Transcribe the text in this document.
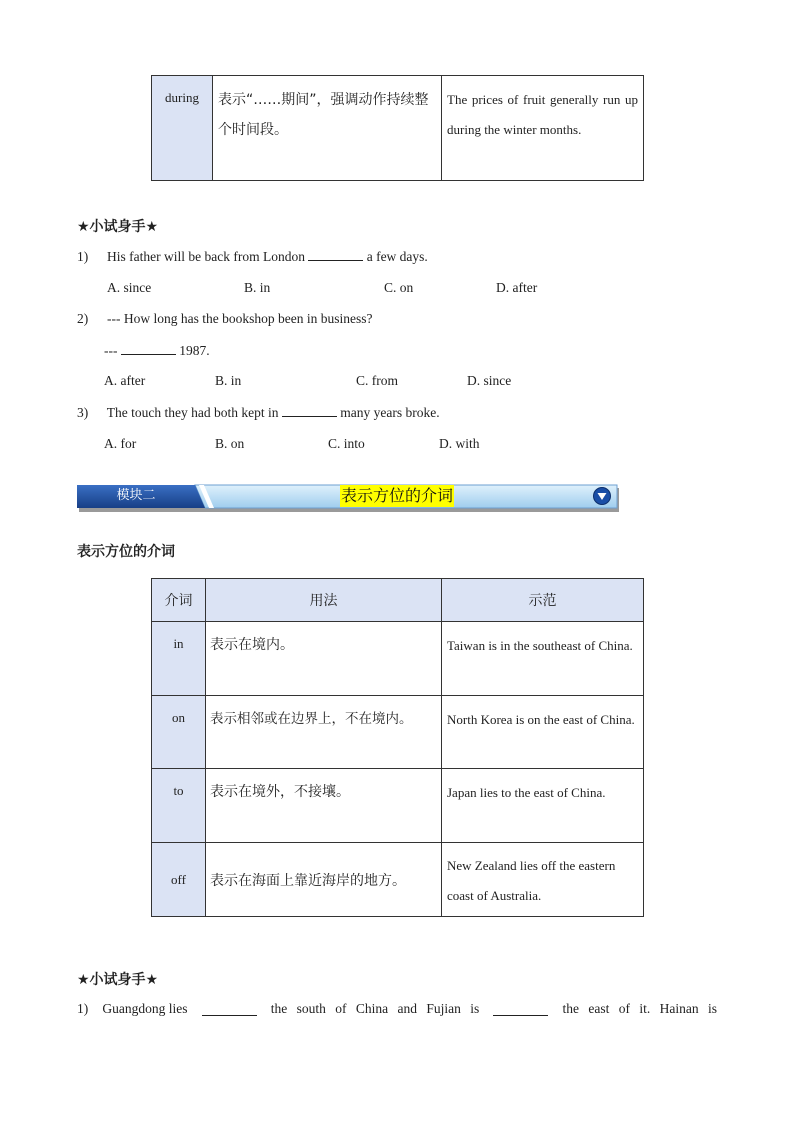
during	表示“……期间”，强调动作持续整个时间段。	The prices of fruit generally run up during the winter months.
★小试身手★
1) His father will be back from London	a few days.
A. since	B. in	C. on	D. after
2) --- How long has the bookshop been in business?
---	1987.
A. after	B. in	C. from	D. since
3) The touch they had both kept in	many years broke.
A. for	B. on	C. into	D. with
模块二	表示方位的介词
表示方位的介词
介词	用法	示范
in	表示在境内。	Taiwan is in the southeast of China.
on	表示相邻或在边界上，不在境内。	North Korea is on the east of China.
to	表示在境外，不接壤。	Japan lies to the east of China.
off	表示在海面上靠近海岸的地方。	New Zealand lies off the eastern coast of Australia.
★小试身手★
1) Guangdong lies	the south of China and Fujian is	the east of it. Hainan is
